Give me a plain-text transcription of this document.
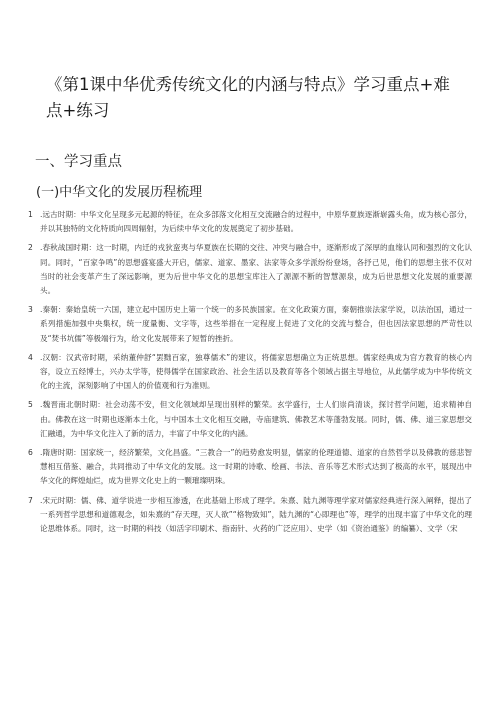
《第1课中华优秀传统文化的内涵与特点》学习重点+难点+练习
一、学习重点
(一)中华文化的发展历程梳理
1 .远古时期：中华文化呈现多元起源的特征，在众多部落文化相互交流融合的过程中，中原华夏族逐渐崭露头角，成为核心部分，并以其独特的文化特质向四周辐射，为后续中华文化的发展奠定了初步基础。
2 .春秋战国时期：这一时期，内迁的戎狄蛮夷与华夏族在长期的交往、冲突与融合中，逐渐形成了深厚的血缘认同和强烈的文化认同。同时，“百家争鸣”的思想盛宴盛大开启，儒家、道家、墨家、法家等众多学派纷纷登场，各抒己见，他们的思想主张不仅对当时的社会变革产生了深远影响，更为后世中华文化的思想宝库注入了源源不断的智慧源泉，成为后世思想文化发展的重要源头。
3 .秦朝：秦始皇统一六国，建立起中国历史上第一个统一的多民族国家。在文化政策方面，秦朝推崇法家学说，以法治国，通过一系列措施加强中央集权，统一度量衡、文字等，这些举措在一定程度上促进了文化的交流与整合，但也因法家思想的严苛性以及“焚书坑儒”等极端行为，给文化发展带来了短暂的挫折。
4 .汉朝：汉武帝时期，采纳董仲舒“罢黜百家，独尊儒术”的建议，将儒家思想确立为正统思想。儒家经典成为官方教育的核心内容，设立五经博士，兴办太学等，使得儒学在国家政治、社会生活以及教育等各个领域占据主导地位，从此儒学成为中华传统文化的主流，深刻影响了中国人的价值观和行为准则。
5 .魏晋南北朝时期：社会动荡不安，但文化领域却呈现出别样的繁荣。玄学盛行，士人们崇尚清谈，探讨哲学问题，追求精神自由。佛教在这一时期也逐渐本土化，与中国本土文化相互交融，寺庙建筑、佛教艺术等蓬勃发展。同时，儒、佛、道三家思想交汇融通，为中华文化注入了新的活力，丰富了中华文化的内涵。
6 .隋唐时期：国家统一，经济繁荣，文化昌盛。“三教合一”的趋势愈发明显，儒家的伦理道德、道家的自然哲学以及佛教的慈悲智慧相互借鉴、融合，共同推动了中华文化的发展。这一时期的诗歌、绘画、书法、音乐等艺术形式达到了极高的水平，展现出中华文化的辉煌灿烂，成为世界文化史上的一颗璀璨明珠。
7 .宋元时期：儒、佛、道学说进一步相互渗透，在此基础上形成了理学。朱熹、陆九渊等理学家对儒家经典进行深入阐释，提出了一系列哲学思想和道德观念，如朱熹的“存天理，灭人欲”“格物致知”，陆九渊的“心即理也”等，理学的出现丰富了中华文化的理论思维体系。同时，这一时期的科技（如活字印刷术、指南针、火药的广泛应用）、史学（如《资治通鉴》的编纂）、文学（宋
